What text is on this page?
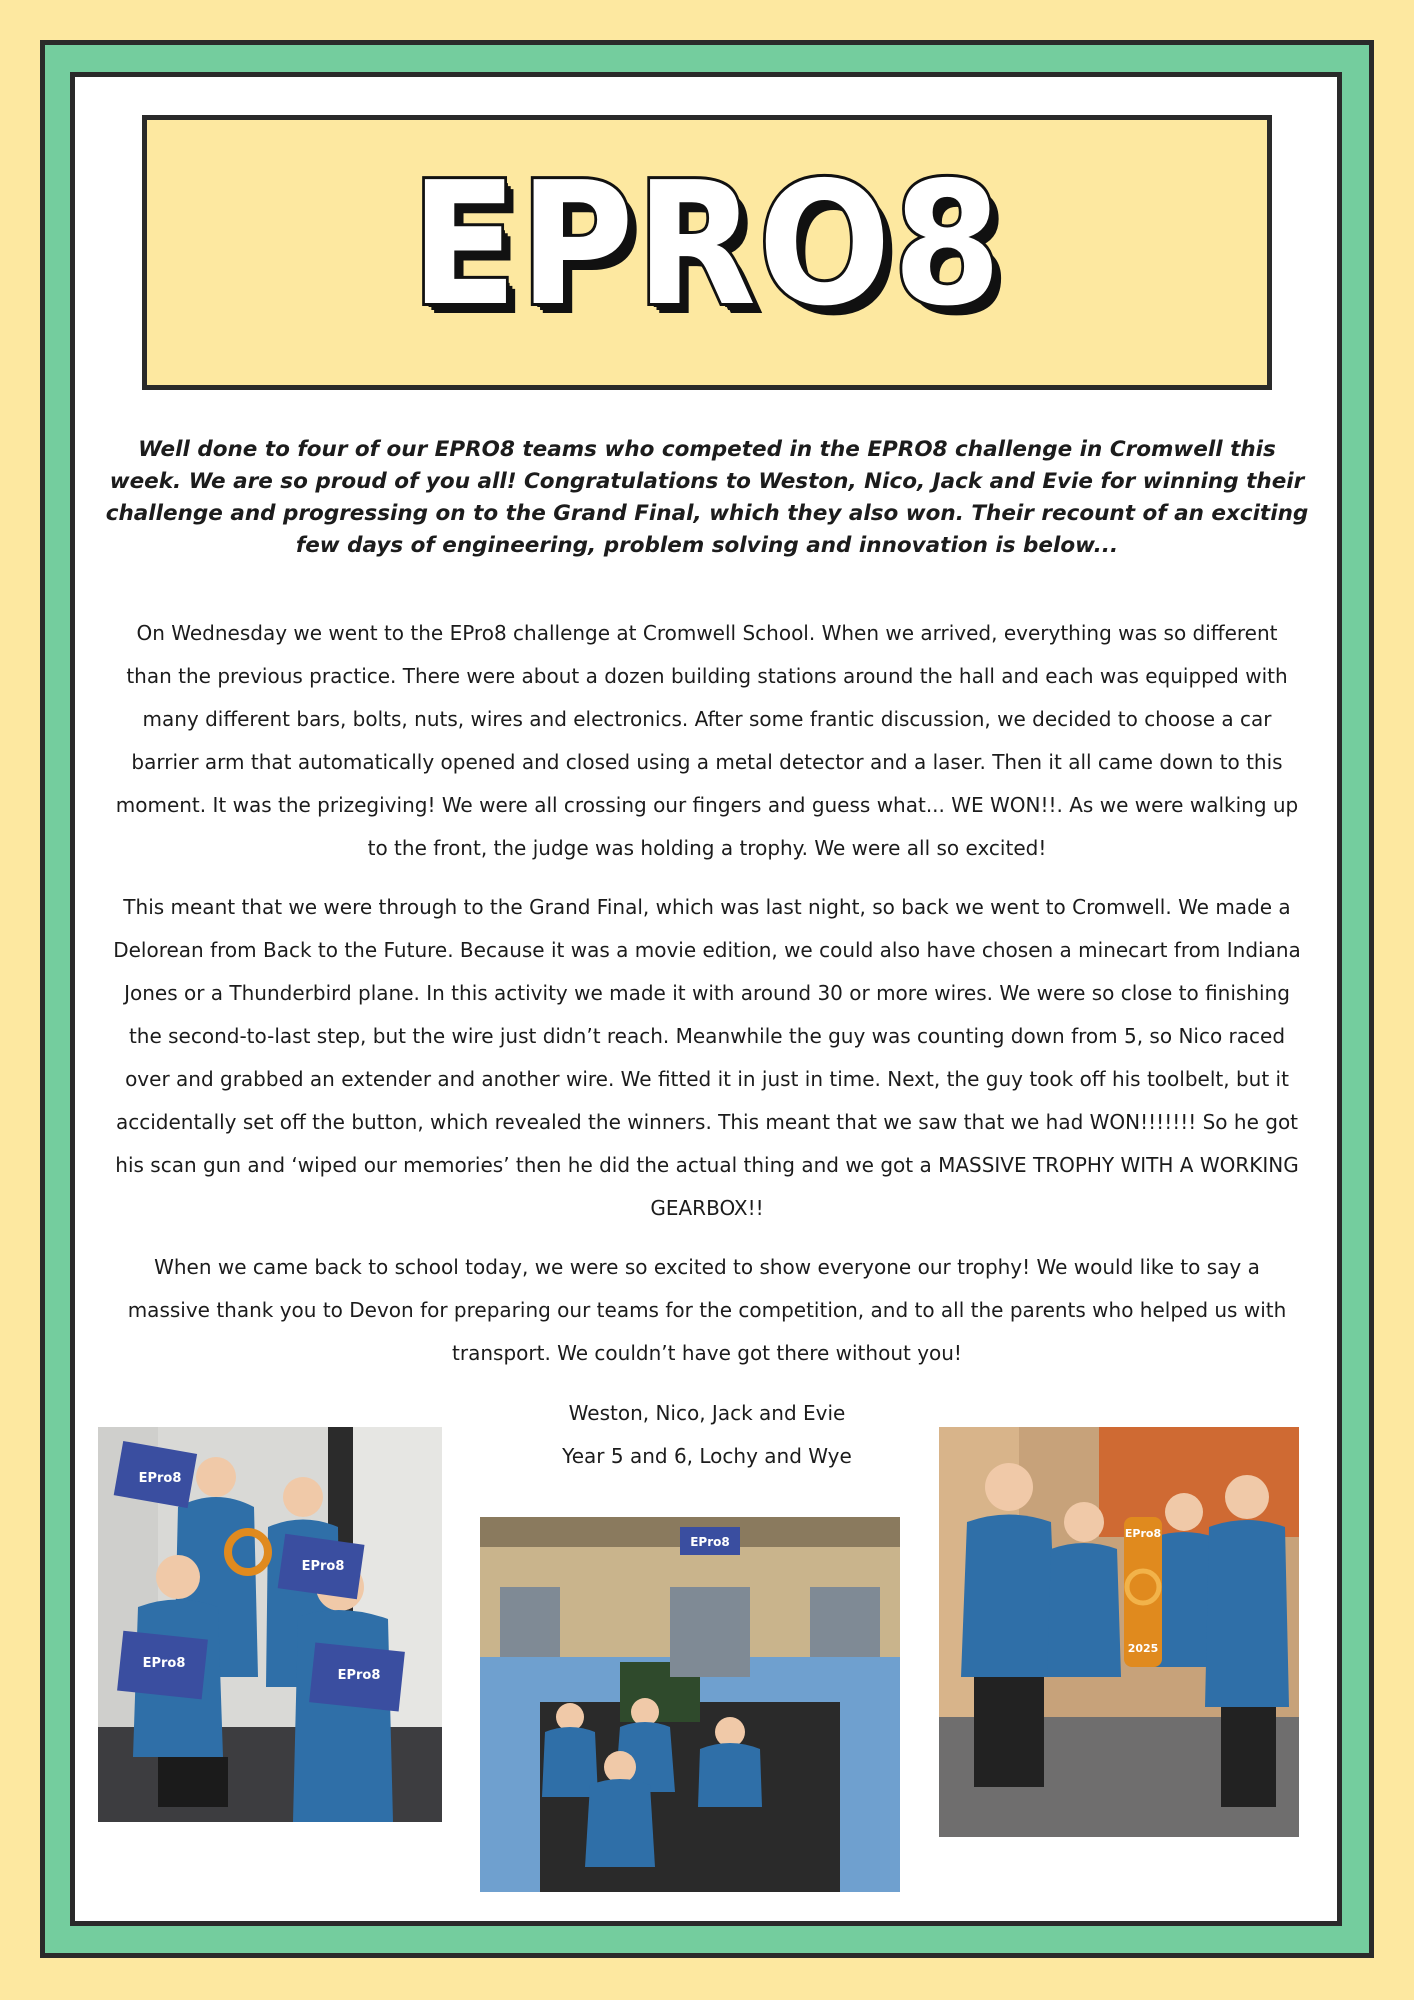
EPRO8

Well done to four of our EPRO8 teams who competed in the EPRO8 challenge in Cromwell this week. We are so proud of you all! Congratulations to Weston, Nico, Jack and Evie for winning their challenge and progressing on to the Grand Final, which they also won. Their recount of an exciting few days of engineering, problem solving and innovation is below...

On Wednesday we went to the EPro8 challenge at Cromwell School. When we arrived, everything was so different than the previous practice. There were about a dozen building stations around the hall and each was equipped with many different bars, bolts, nuts, wires and electronics. After some frantic discussion, we decided to choose a car barrier arm that automatically opened and closed using a metal detector and a laser. Then it all came down to this moment. It was the prizegiving! We were all crossing our fingers and guess what... WE WON!!. As we were walking up to the front, the judge was holding a trophy. We were all so excited!

This meant that we were through to the Grand Final, which was last night, so back we went to Cromwell. We made a Delorean from Back to the Future. Because it was a movie edition, we could also have chosen a minecart from Indiana Jones or a Thunderbird plane. In this activity we made it with around 30 or more wires. We were so close to finishing the second-to-last step, but the wire just didn’t reach. Meanwhile the guy was counting down from 5, so Nico raced over and grabbed an extender and another wire. We fitted it in just in time. Next, the guy took off his toolbelt, but it accidentally set off the button, which revealed the winners. This meant that we saw that we had WON!!!!!!! So he got his scan gun and ‘wiped our memories’ then he did the actual thing and we got a MASSIVE TROPHY WITH A WORKING GEARBOX!!

When we came back to school today, we were so excited to show everyone our trophy! We would like to say a massive thank you to Devon for preparing our teams for the competition, and to all the parents who helped us with transport. We couldn’t have got there without you!

Weston, Nico, Jack and Evie
Year 5 and 6, Lochy and Wye
EPro8
EPro8
EPro8
EPro8
EPro8
EPro8
2025
